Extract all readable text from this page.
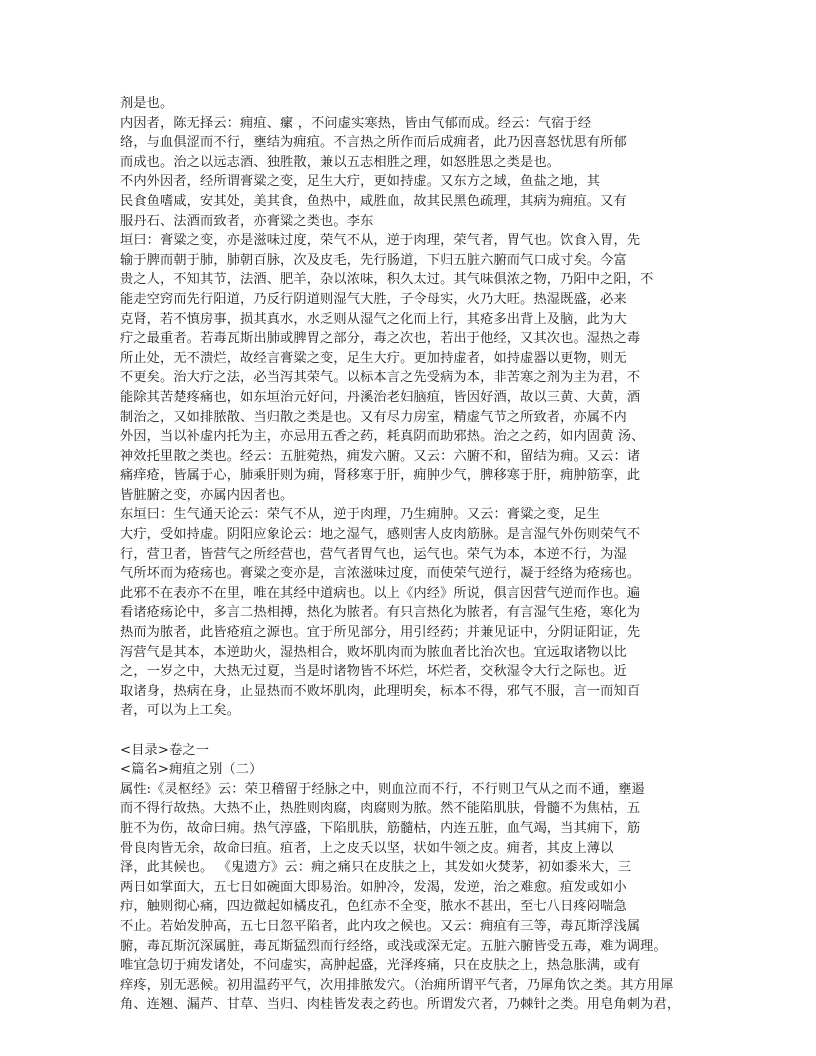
剂是也。
内因者，陈无择云：痈疽、瘰 ，不问虚实寒热，皆由气郁而成。经云：气宿于经
络，与血俱涩而不行，壅结为痈疽。不言热之所作而后成痈者，此乃因喜怒忧思有所郁
而成也。治之以远志酒、独胜散，兼以五志相胜之理，如怒胜思之类是也。
不内外因者，经所谓膏粱之变，足生大疔，更如持虚。又东方之域，鱼盐之地，其
民食鱼嗜咸，安其处，美其食，鱼热中，咸胜血，故其民黑色疏理，其病为痈疽。又有
服丹石、法酒而致者，亦膏粱之类也。李东
垣曰：膏粱之变，亦是滋味过度，荣气不从，逆于肉理，荣气者，胃气也。饮食入胃，先
输于脾而朝于肺，肺朝百脉，次及皮毛，先行肠道，下归五脏六腑而气口成寸矣。今富
贵之人，不知其节，法酒、肥羊，杂以浓味，积久太过。其气味俱浓之物，乃阳中之阳，不
能走空窍而先行阳道，乃反行阴道则湿气大胜，子令母实，火乃大旺。热湿既盛，必来
克肾，若不慎房事，损其真水，水乏则从湿气之化而上行，其疮多出背上及脑，此为大
疔之最重者。若毒瓦斯出肺或脾胃之部分，毒之次也，若出于他经，又其次也。湿热之毒
所止处，无不溃烂，故经言膏粱之变，足生大疔。更加持虚者，如持虚器以更物，则无
不更矣。治大疔之法，必当泻其荣气。以标本言之先受病为本，非苦寒之剂为主为君，不
能除其苦楚疼痛也，如东垣治元好问，丹溪治老妇脑疽，皆因好酒，故以三黄、大黄，酒
制治之，又如排脓散、当归散之类是也。又有尽力房室，精虚气节之所致者，亦属不内
外因，当以补虚内托为主，亦忌用五香之药，耗真阴而助邪热。治之之药，如内固黄 汤、
神效托里散之类也。经云：五脏菀热，痈发六腑。又云：六腑不和，留结为痈。又云：诸
痛痒疮，皆属于心，肺乘肝则为痈，肾移寒于肝，痈肿少气，脾移寒于肝，痈肿筋挛，此
皆脏腑之变，亦属内因者也。
东垣曰：生气通天论云：荣气不从，逆于肉理，乃生痈肿。又云：膏粱之变，足生
大疔，受如持虚。阴阳应象论云：地之湿气，感则害人皮肉筋脉。是言湿气外伤则荣气不
行，营卫者，皆营气之所经营也，营气者胃气也，运气也。荣气为本，本逆不行，为湿
气所坏而为疮疡也。膏粱之变亦是，言浓滋味过度，而使荣气逆行，凝于经络为疮疡也。
此邪不在表亦不在里，唯在其经中道病也。以上《内经》所说，俱言因营气逆而作也。遍
看诸疮疡论中，多言二热相搏，热化为脓者。有只言热化为脓者，有言湿气生疮，寒化为
热而为脓者，此皆疮疽之源也。宜于所见部分，用引经药；并兼见证中，分阴证阳证，先
泻营气是其本，本逆助火，湿热相合，败坏肌肉而为脓血者比治次也。宜远取诸物以比
之，一岁之中，大热无过夏，当是时诸物皆不坏烂，坏烂者，交秋湿令大行之际也。近
取诸身，热病在身，止显热而不败坏肌肉，此理明矣，标本不得，邪气不服，言一而知百
者，可以为上工矣。
<目录>卷之一
<篇名>痈疽之别（二）
属性:《灵枢经》云：荣卫稽留于经脉之中，则血泣而不行，不行则卫气从之而不通，壅遏
而不得行故热。大热不止，热胜则肉腐，肉腐则为脓。然不能陷肌肤，骨髓不为焦枯，五
脏不为伤，故命曰痈。热气淳盛，下陷肌肤，筋髓枯，内连五脏，血气竭，当其痈下，筋
骨良肉皆无余，故命曰疽。疽者，上之皮夭以坚，状如牛领之皮。痈者，其皮上薄以
泽，此其候也。 《鬼遗方》云：痈之痛只在皮肤之上，其发如火焚茅，初如黍米大，三
两日如掌面大，五七日如碗面大即易治。如肿冷，发渴，发逆，治之难愈。疽发或如小
疖，触则彻心痛，四边微起如橘皮孔，色红赤不全变，脓水不甚出，至七八日疼闷喘急
不止。若始发肿高，五七日忽平陷者，此内攻之候也。又云：痈疽有三等，毒瓦斯浮浅属
腑，毒瓦斯沉深属脏，毒瓦斯猛烈而行经络，或浅或深无定。五脏六腑皆受五毒，难为调理。
唯宜急切于痈发诸处，不问虚实，高肿起盛，光泽疼痛，只在皮肤之上，热急胀满，或有
痒疼，别无恶候。初用温药平气，次用排脓发穴。（治痈所谓平气者，乃犀角饮之类。其方用犀
角、连翘、漏芦、甘草、当归、肉桂皆发表之药也。所谓发穴者，乃棘针之类。用皂角刺为君，
